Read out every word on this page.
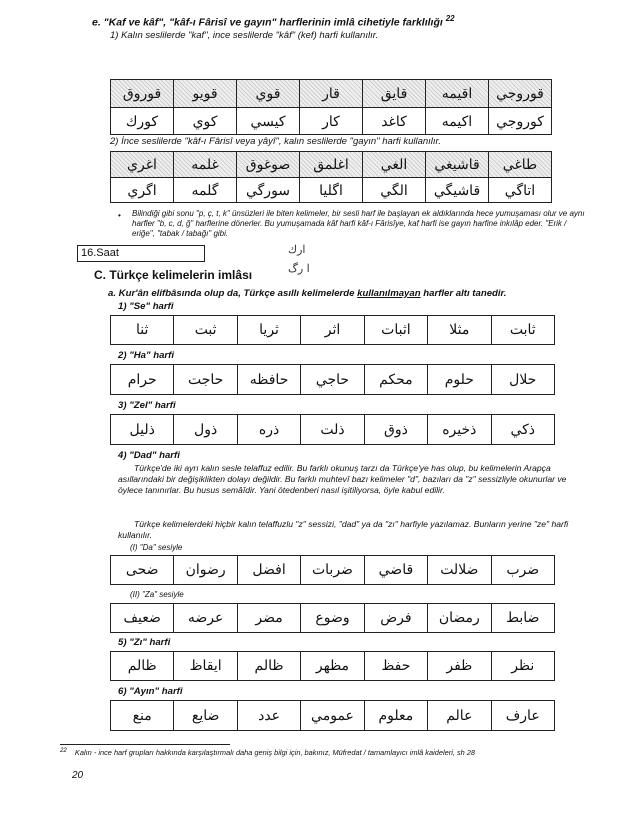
e. "Kaf ve kâf", "kâf-ı Fârisî ve gayın" harflerinin imlâ cihetiyle farklılığı $^{22}$
1) Kalın seslilerde "kaf", ince seslilerde "kâf" (kef) harfi kullanılır.
قوروق قويو	قوي	قار	قايق اقيمه قوروجي
كورك كوي كيسي	كار	كاغد	اكيمه كوروجي
2) İnce seslilerde "kâf-ı Fârisî veya yâyî", kalın seslilerde "gayın" harfi kullanılır.
اغري غلمه صوغوق اغلمق الغي قاشيغي طاغي
اگري گلمه سورگي اگليا	الگي قاشيگي اتاگي
• Bilindiği gibi sonu "p, ç, t, k" ünsüzleri ile biten kelimeler, bir sesli harf ile başlayan ek aldıklarında hece yumuşaması olur ve aynı harfler "b, c, d, ğ" harflerine dönerler. Bu yumuşamada kâf harfi kâf-ı Fârisîye, kaf harfi ise gayın harfine inkılâp eder. "Erik / eriğe", "tabak / tabağı" gibi.
ارك
ا رگ
16.Saat
C. Türkçe kelimelerin imlâsı
a. Kur'ân elifbâsında olup da, Türkçe asıllı kelimelerde kullanılmayan harfler altı tanedir.
1) "Se" harfi
ثنا	ثبت	ثريا	اثر	اثبات	مثلا	ثابت
2) "Ha" harfi
حرام حاجت حافظه حاجي محكم حلوم	حلال
3) "Zel" harfi
ذليل	ذول	ذره	ذلت	ذوق ذخيره ذكي
4) "Dad" harfi
Türkçe'de iki ayrı kalın sesle telaffuz edilir. Bu farklı okunuş tarzı da Türkçe'ye has olup, bu kelimelerin Arapça asıllarındaki bir değişiklikten dolayı değildir. Bu farklı muhtevî bazı kelimeler "d", bazıları da "z" sessizliyle okunurlar ve öylece tanınırlar. Bu husus semâîdir. Yani ötedenberi nasıl işitiliyorsa, öyle kabul edilir.
Türkçe kelimelerdeki hiçbir kalın telaffuzlu "z" sessizi, "dad" ya da "zı" harfiyle yazılamaz. Bunların yerine "ze" harfi kullanılır.
(I) "Da" sesiyle
ضحى رضوان افضل ضربات قاضي ضلالت ضرب
(II) "Za" sesiyle
ضعيف عرضه مضر وضوع فرض رمضان ضابط
5) "Zı" harfi
ظالم ايقاظ ظالم مظهر حفظ	ظفر	نظر
6) "Ayın" harfi
منع	ضايع	عدد عمومي معلوم عالم عارف
$^{22}$ Kalın - ince harf grupları hakkında karşılaştırmalı daha geniş bilgi için, bakınız, Müfredat / tamamlayıcı imlâ kaideleri, sh 28
20
